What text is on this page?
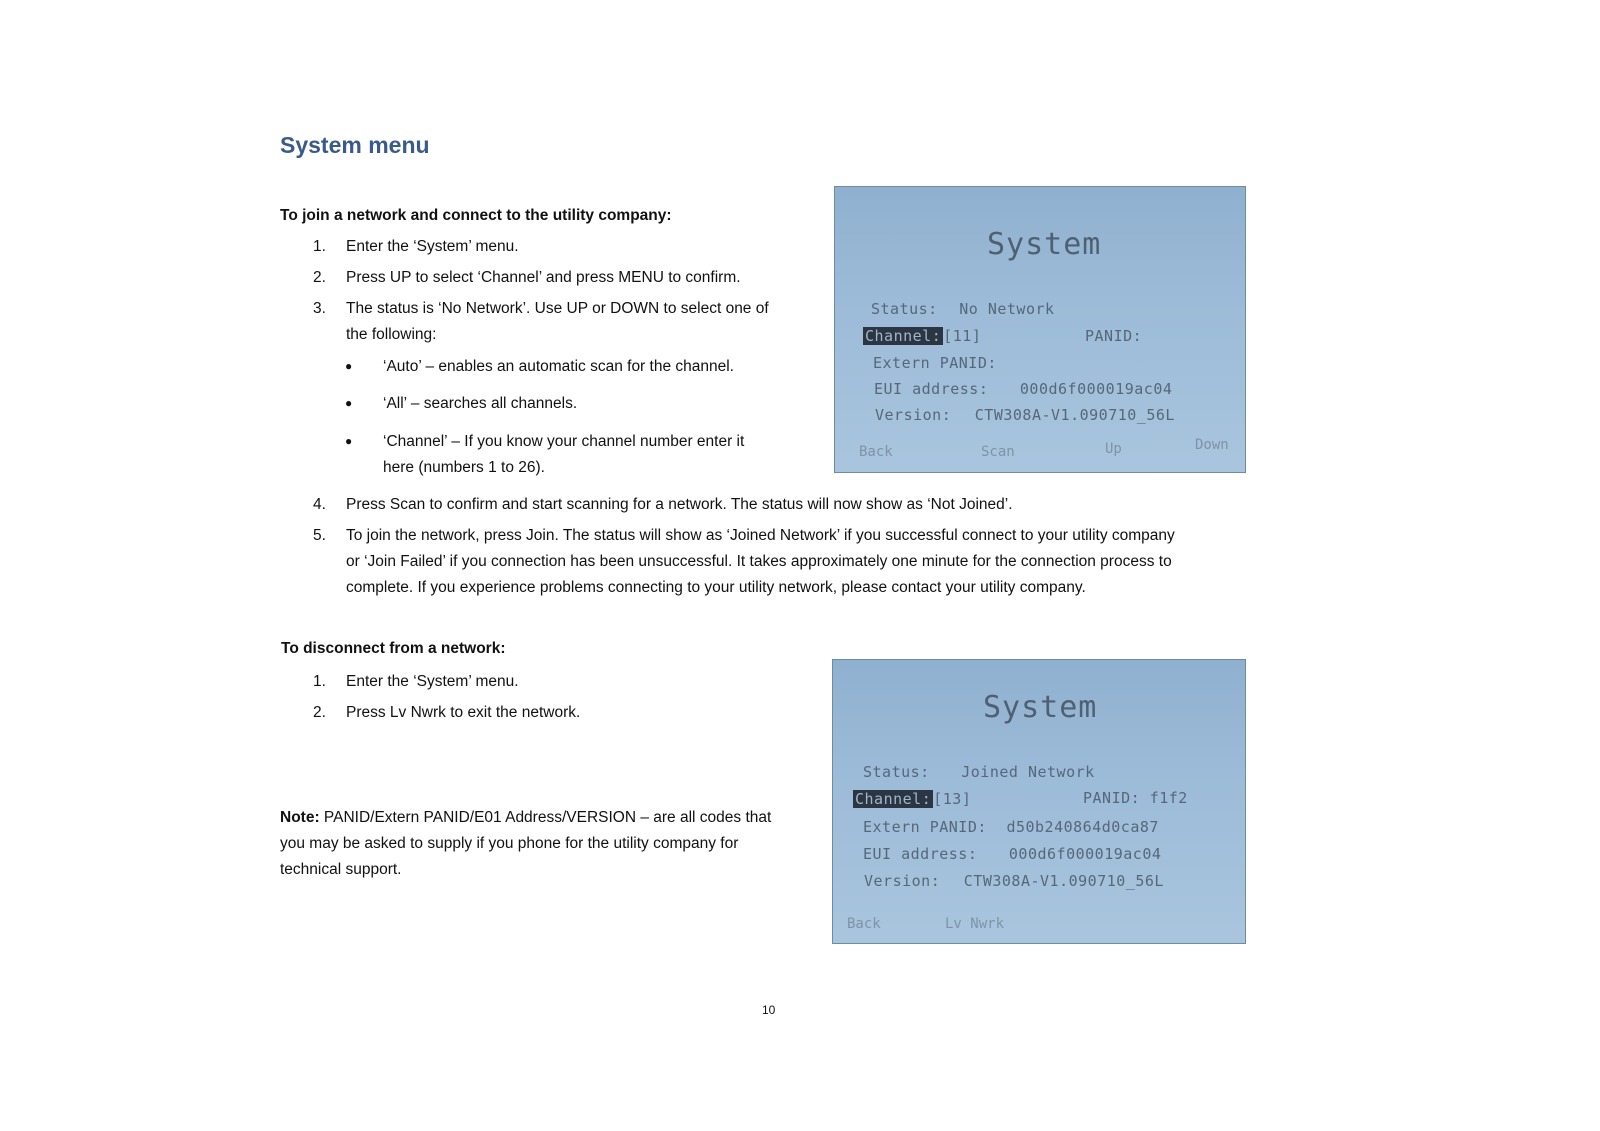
System menu
To join a network and connect to the utility company:
1. Enter the ‘System’ menu.
2. Press UP to select ‘Channel’ and press MENU to confirm.
3. The status is ‘No Network’. Use UP or DOWN to select one of
the following:
● ‘Auto’ – enables an automatic scan for the channel.
● ‘All’ – searches all channels.
● ‘Channel’ – If you know your channel number enter it
here (numbers 1 to 26).
4. Press Scan to confirm and start scanning for a network. The status will now show as ‘Not Joined’.
5. To join the network, press Join. The status will show as ‘Joined Network’ if you successful connect to your utility company
or ‘Join Failed’ if you connection has been unsuccessful. It takes approximately one minute for the connection process to
complete. If you experience problems connecting to your utility network, please contact your utility company.
To disconnect from a network:
1. Enter the ‘System’ menu.
2. Press Lv Nwrk to exit the network.
Note: PANID/Extern PANID/E01 Address/VERSION – are all codes that
you may be asked to supply if you phone for the utility company for
technical support.
System
Status: No Network
Channel: [11]	PANID:
Extern PANID:
EUI address: 000d6f000019ac04
Version: CTW308A-V1.090710_56L
Back	Scan	Up	Down
System
Status: Joined Network
Channel: [13]	PANID: f1f2
Extern PANID: d50b240864d0ca87
EUI address: 000d6f000019ac04
Version: CTW308A-V1.090710_56L
Back	Lv Nwrk
10
